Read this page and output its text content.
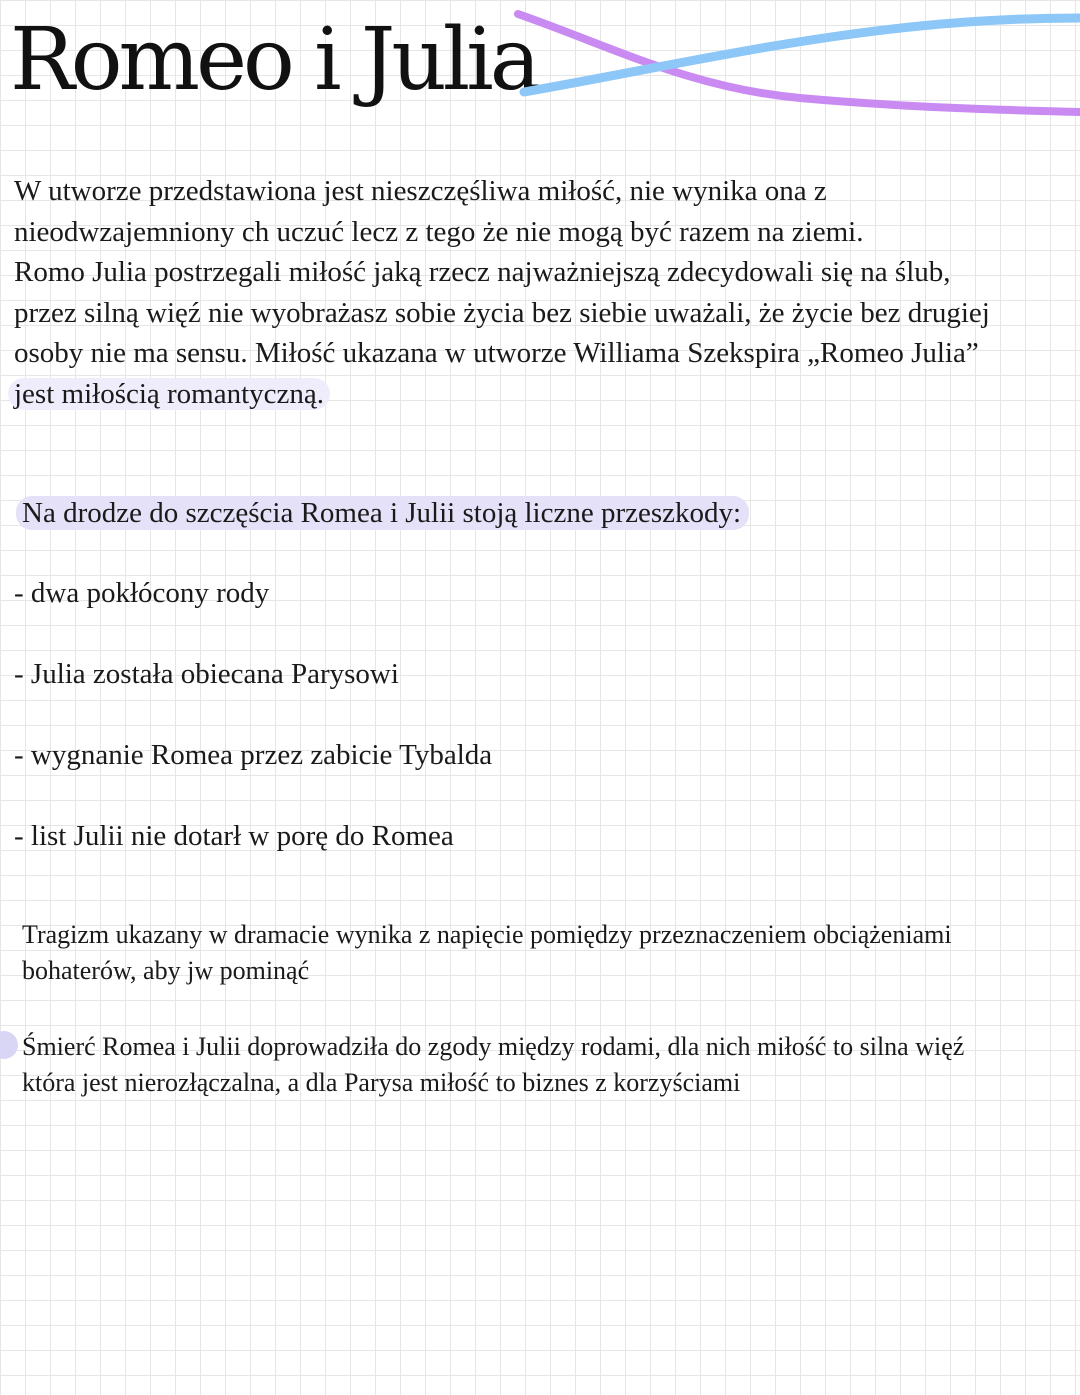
Romeo i Julia
W utworze przedstawiona jest nieszczęśliwa miłość, nie wynika ona z
nieodwzajemniony ch uczuć lecz z tego że nie mogą być razem na ziemi.
Romo Julia postrzegali miłość jaką rzecz najważniejszą zdecydowali się na ślub,
przez silną więź nie wyobrażasz sobie życia bez siebie uważali, że życie bez drugiej
osoby nie ma sensu. Miłość ukazana w utworze Williama Szekspira „Romeo Julia”
jest miłością romantyczną.
Na drodze do szczęścia Romea i Julii stoją liczne przeszkody:
- dwa pokłócony rody
- Julia została obiecana Parysowi
- wygnanie Romea przez zabicie Tybalda
- list Julii nie dotarł w porę do Romea
Tragizm ukazany w dramacie wynika z napięcie pomiędzy przeznaczeniem obciążeniami
bohaterów, aby jw pominąć
Śmierć Romea i Julii doprowadziła do zgody między rodami, dla nich miłość to silna więź
która jest nierozłączalna, a dla Parysa miłość to biznes z korzyściami
